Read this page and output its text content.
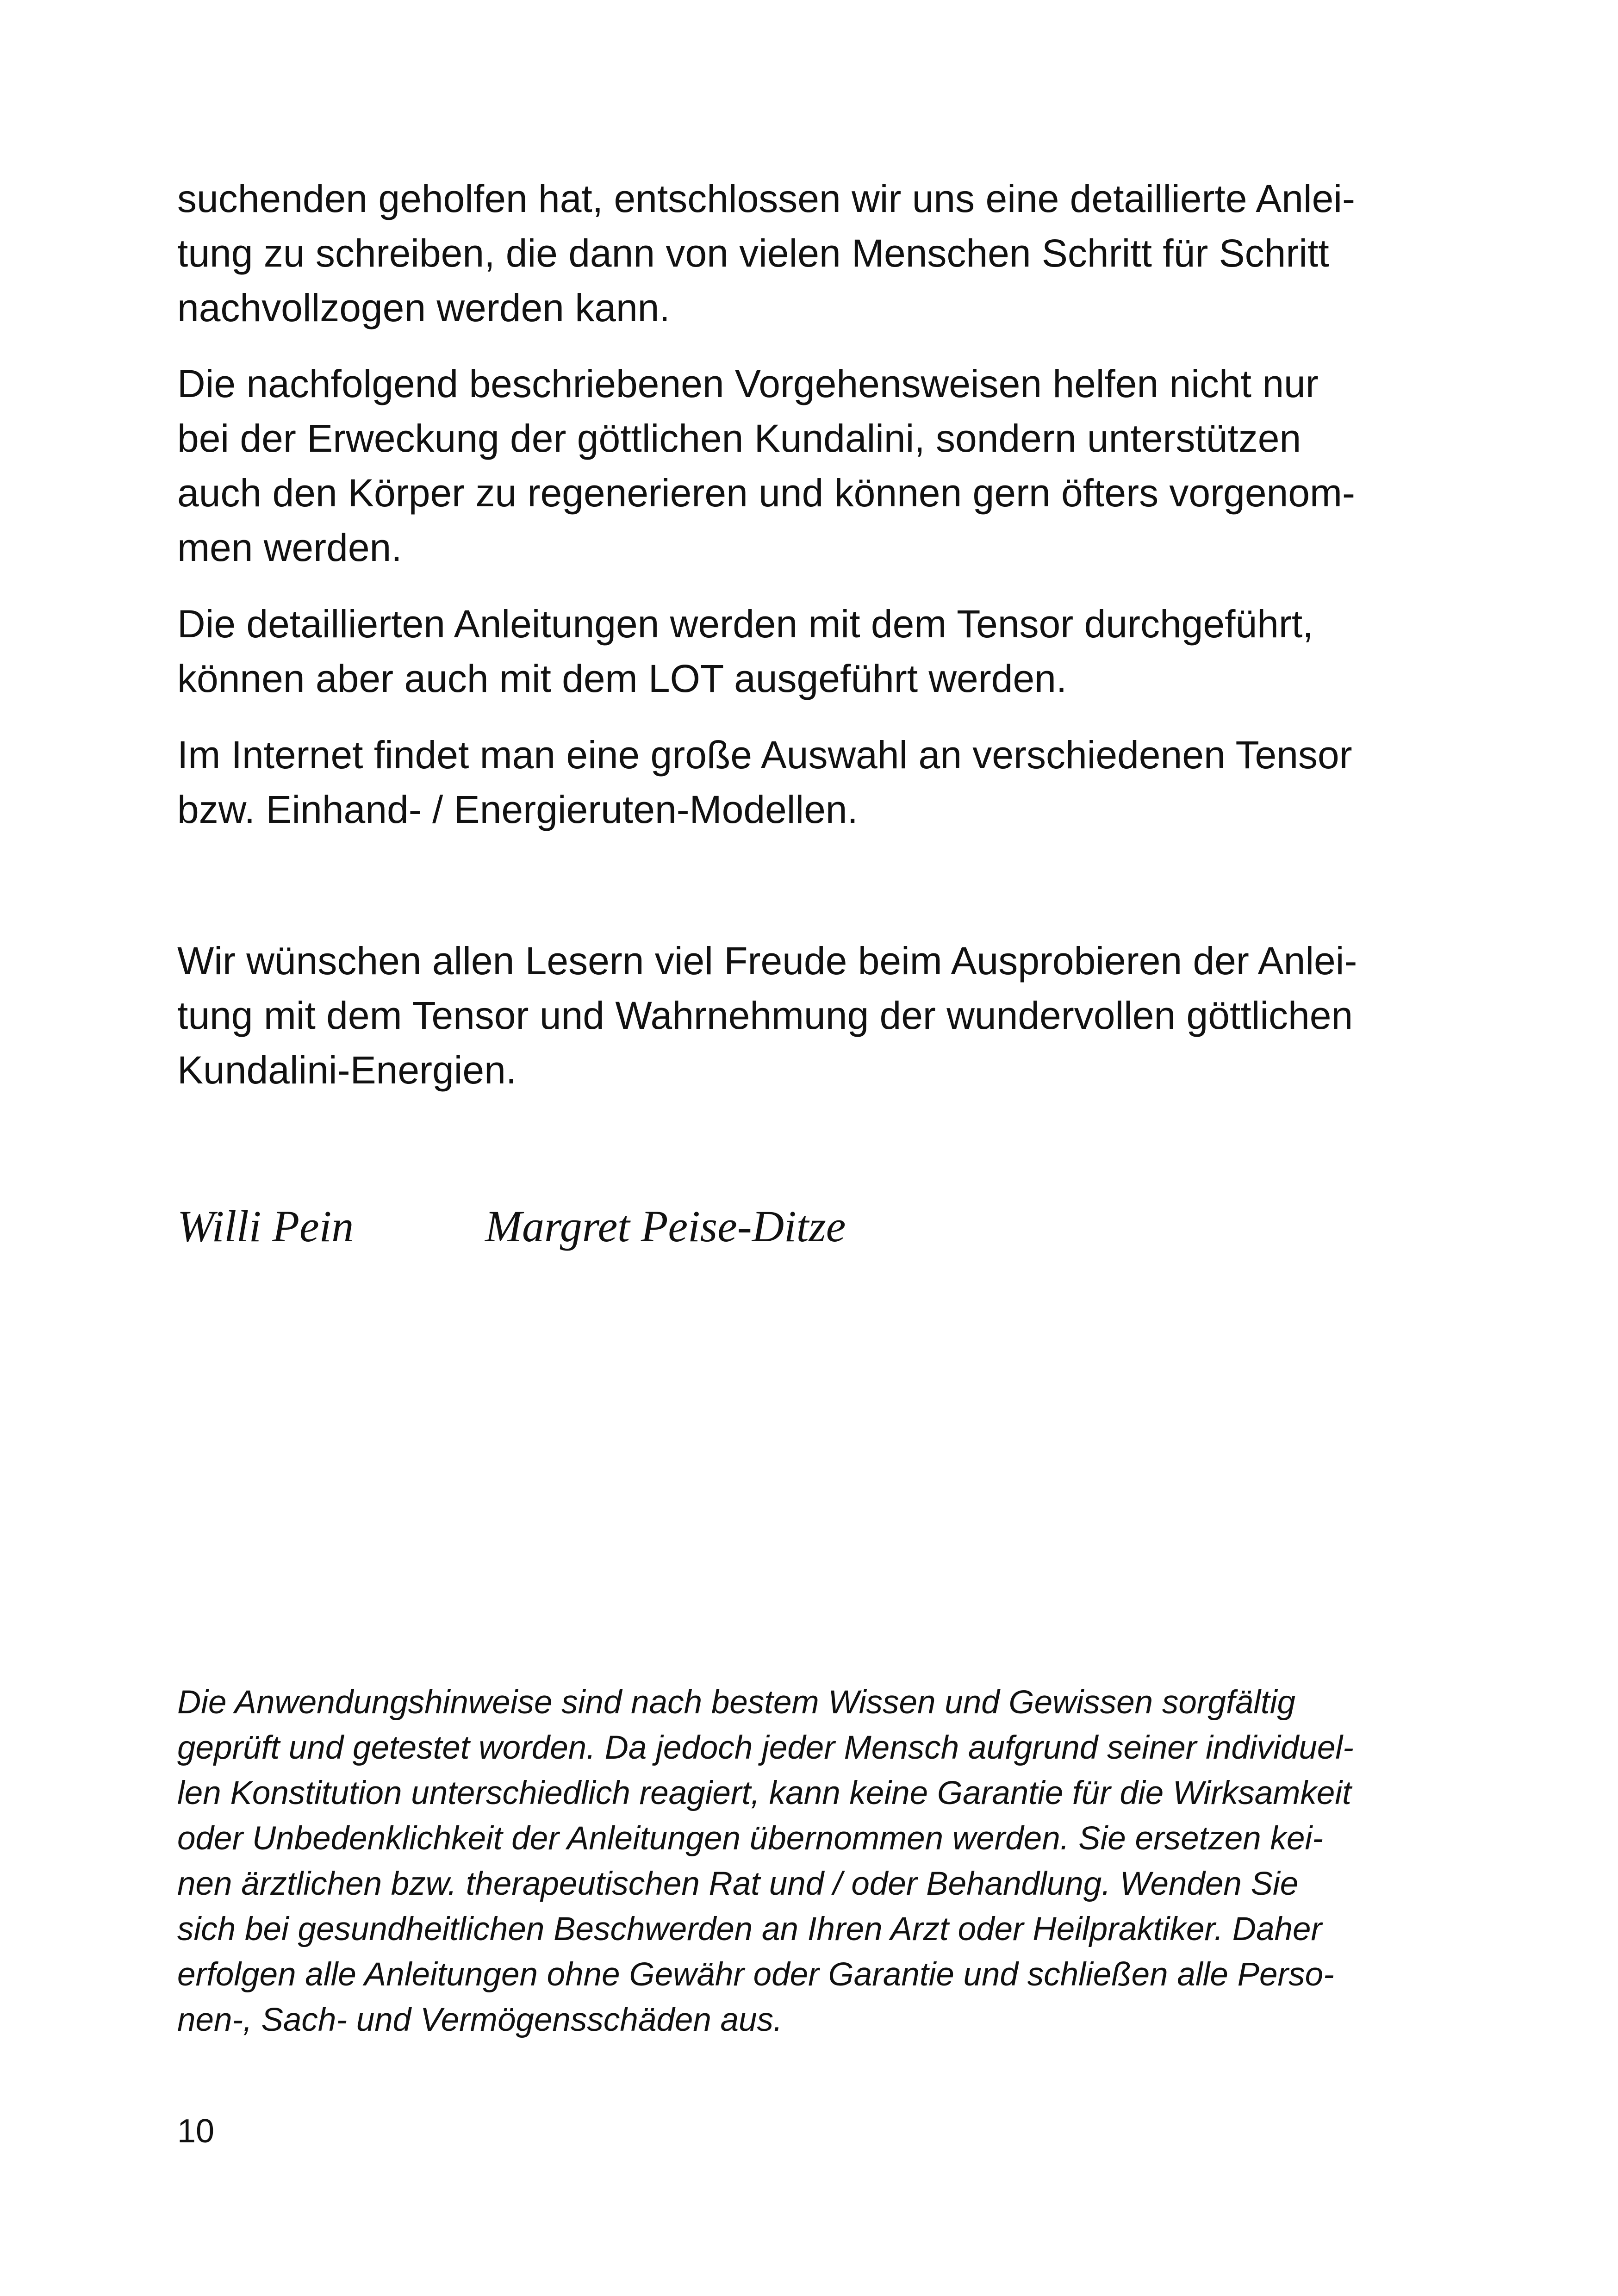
suchenden geholfen hat, entschlossen wir uns eine detaillierte Anlei-
tung zu schreiben, die dann von vielen Menschen Schritt für Schritt
nachvollzogen werden kann.

Die nachfolgend beschriebenen Vorgehensweisen helfen nicht nur
bei der Erweckung der göttlichen Kundalini, sondern unterstützen
auch den Körper zu regenerieren und können gern öfters vorgenom-
men werden.

Die detaillierten Anleitungen werden mit dem Tensor durchgeführt,
können aber auch mit dem LOT ausgeführt werden.

Im Internet findet man eine große Auswahl an verschiedenen Tensor
bzw. Einhand- / Energieruten-Modellen.

Wir wünschen allen Lesern viel Freude beim Ausprobieren der Anlei-
tung mit dem Tensor und Wahrnehmung der wundervollen göttlichen
Kundalini-Energien.

Willi Pein	Margret Peise-Ditze

Die Anwendungshinweise sind nach bestem Wissen und Gewissen sorgfältig
geprüft und getestet worden. Da jedoch jeder Mensch aufgrund seiner individuel-
len Konstitution unterschiedlich reagiert, kann keine Garantie für die Wirksamkeit
oder Unbedenklichkeit der Anleitungen übernommen werden. Sie ersetzen kei-
nen ärztlichen bzw. therapeutischen Rat und / oder Behandlung. Wenden Sie
sich bei gesundheitlichen Beschwerden an Ihren Arzt oder Heilpraktiker. Daher
erfolgen alle Anleitungen ohne Gewähr oder Garantie und schließen alle Perso-
nen-, Sach- und Vermögensschäden aus.

10
